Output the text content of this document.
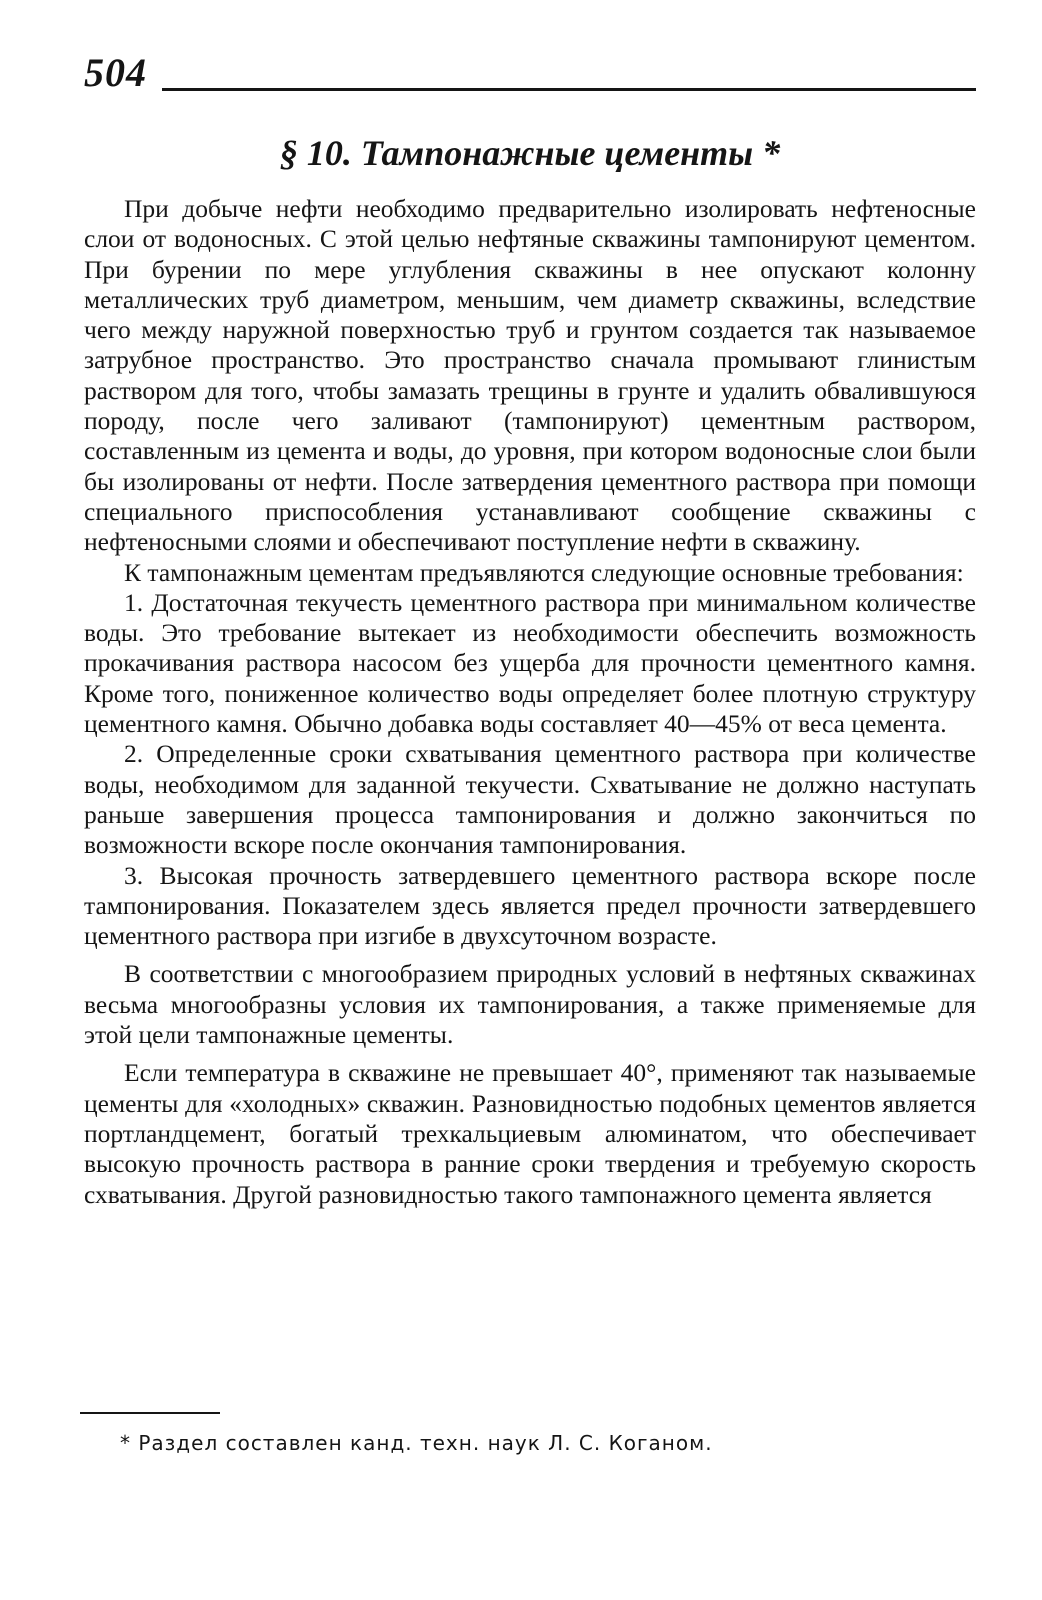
504
§ 10. Тампонажные цементы *

При добыче нефти необходимо предварительно изолировать нефтеносные слои от водоносных. С этой целью нефтяные скважины тампонируют цементом. При бурении по мере углубления скважины в нее опускают колонну металлических труб диаметром, меньшим, чем диаметр скважины, вследствие чего между наружной поверхностью труб и грунтом создается так называемое затрубное пространство. Это пространство сначала промывают глинистым раствором для того, чтобы замазать трещины в грунте и удалить обвалившуюся породу, после чего заливают (тампонируют) цементным раствором, составленным из цемента и воды, до уровня, при котором водоносные слои были бы изолированы от нефти. После затвердения цементного раствора при помощи специального приспособления устанавливают сообщение скважины с нефтеносными слоями и обеспечивают поступление нефти в скважину.

К тампонажным цементам предъявляются следующие основные требования:

1. Достаточная текучесть цементного раствора при минимальном количестве воды. Это требование вытекает из необходимости обеспечить возможность прокачивания раствора насосом без ущерба для прочности цементного камня. Кроме того, пониженное количество воды определяет более плотную структуру цементного камня. Обычно добавка воды составляет 40—45% от веса цемента.

2. Определенные сроки схватывания цементного раствора при количестве воды, необходимом для заданной текучести. Схватывание не должно наступать раньше завершения процесса тампонирования и должно закончиться по возможности вскоре после окончания тампонирования.

3. Высокая прочность затвердевшего цементного раствора вскоре после тампонирования. Показателем здесь является предел прочности затвердевшего цементного раствора при изгибе в двухсуточном возрасте.

В соответствии с многообразием природных условий в нефтяных скважинах весьма многообразны условия их тампонирования, а также применяемые для этой цели тампонажные цементы.

Если температура в скважине не превышает 40°, применяют так называемые цементы для «холодных» скважин. Разновидностью подобных цементов является портландцемент, богатый трехкальциевым алюминатом, что обеспечивает высокую прочность раствора в ранние сроки твердения и требуемую скорость схватывания. Другой разновидностью такого тампонажного цемента является

* Раздел составлен канд. техн. наук Л. С. Коганом.
